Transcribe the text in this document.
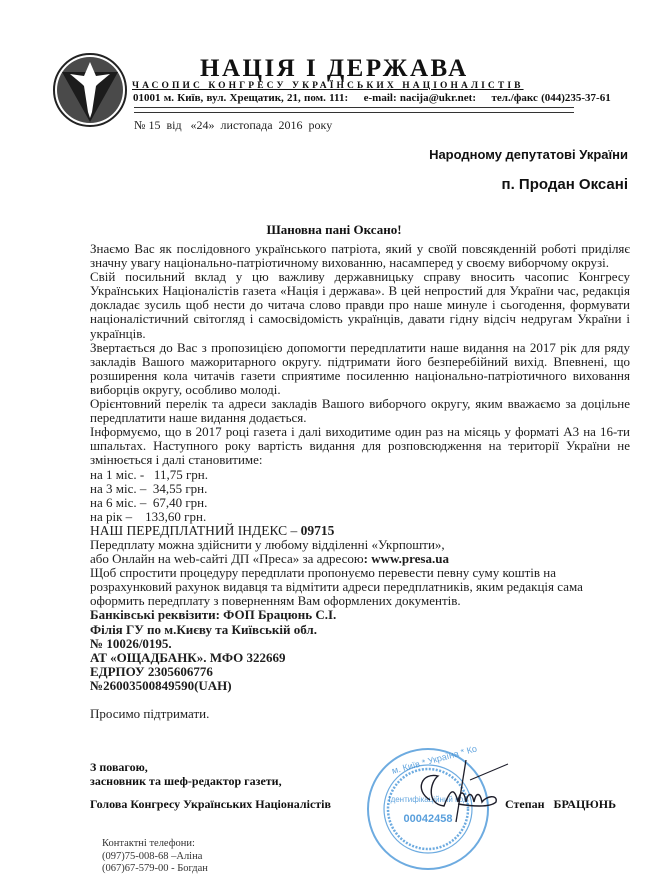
НАЦІЯ І ДЕРЖАВА
ЧАСОПИС КОНГРЕСУ УКРАЇНСЬКИХ НАЦІОНАЛІСТІВ
01001 м. Київ, вул. Хрещатик, 21, пом. 111: e-mail: nacija@ukr.net: тел./факс (044)235-37-61
№ 15  від   «24»  листопада  2016  року
Народному депутатові України
п. Продан Оксані
Шановна пані Оксано!

Знаємо Вас як послідовного українського патріота, який у своїй повсякденній роботі приділяє значну увагу національно-патріотичному вихованню, насамперед у своєму виборчому окрузі.

Свій посильний вклад у цю важливу державницьку справу вносить часопис Конгресу Українських Націоналістів газета «Нація і держава». В цей непростий для України час, редакція докладає зусиль щоб нести до читача слово правди про наше минуле і сьогодення, формувати націоналістичний світогляд і самосвідомість українців, давати гідну відсіч недругам України і українців.

Звертається до Вас з пропозицією допомогти передплатити наше видання на 2017 рік для ряду закладів Вашого мажоритарного округу. підтримати його безперебійний вихід. Впевнені, що розширення кола читачів газети сприятиме посиленню національно-патріотичного виховання виборців округу, особливо молоді.

Орієнтовний перелік та адреси закладів Вашого виборчого округу, яким вважаємо за доцільне передплатити наше видання додається.

Інформуємо, що в 2017 році газета і далі виходитиме один раз на місяць у форматі А3 на 16-ти шпальтах. Наступного року вартість видання для розповсюдження на території України не змінюється і далі становитиме:

на 1 міс. - 11,75 грн.

на 3 міс. – 34,55 грн.

на 6 міс. – 67,40 грн.

на рік – 133,60 грн.

НАШ ПЕРЕДПЛАТНИЙ ІНДЕКС – 09715

Передплату можна здійснити у любому відділенні «Укрпошти»,

або Онлайн на web-сайті ДП «Преса» за адресою: www.presa.ua

Щоб спростити процедуру передплати пропонуємо перевести певну суму коштів на розрахунковий рахунок видавця та відмітити адреси передплатників, яким редакція сама оформить передплату з поверненням Вам оформлених документів.

Банківські реквізити: ФОП Брацюнь С.І.

Філія ГУ по м.Києву та Київській обл.

№ 10026/0195.

АТ «ОЩАДБАНК». МФО 322669

ЕДРПОУ 2305606776

№26003500849590(UAH)

Просимо підтримати.

Ідентифікаційний код
00042458
м. Київ * Україна * Ко
З повагою,
засновник та шеф-редактор газети,
Голова Конгресу Українських Націоналістів	Степан   БРАЦЮНЬ
Контактні телефони:
(097)75-008-68 –Аліна
(067)67-579-00 - Богдан
